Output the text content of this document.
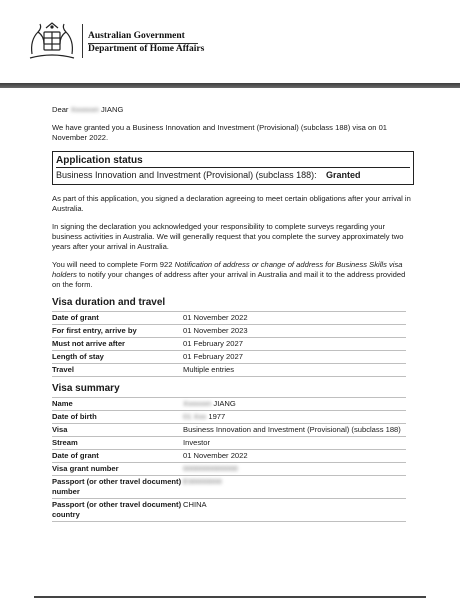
Australian Government
Department of Home Affairs
Dear Xxxxxxn JIANG
We have granted you a Business Innovation and Investment (Provisional) (subclass 188) visa on 01 November 2022.
Application status
Business Innovation and Investment (Provisional) (subclass 188):	Granted
As part of this application, you signed a declaration agreeing to meet certain obligations after your arrival in Australia.
In signing the declaration you acknowledged your responsibility to complete surveys regarding your business activities in Australia. We will generally request that you complete the survey approximately two years after your arrival in Australia.
You will need to complete Form 922 Notification of address or change of address for Business Skills visa holders to notify your changes of address after your arrival in Australia and mail it to the address provided on the form.
Visa duration and travel
Date of grant	01 November 2022
For first entry, arrive by	01 November 2023
Must not arrive after	01 February 2027
Length of stay	01 February 2027
Travel	Multiple entries
Visa summary
Name	Xxxxxxn JIANG
Date of birth	01 Xxx 1977
Visa	Business Innovation and Investment (Provisional) (subclass 188)
Stream	Investor
Date of grant	01 November 2022
Visa grant number	0000000000000
Passport (or other travel document) number	E00000000
Passport (or other travel document) country	CHINA
